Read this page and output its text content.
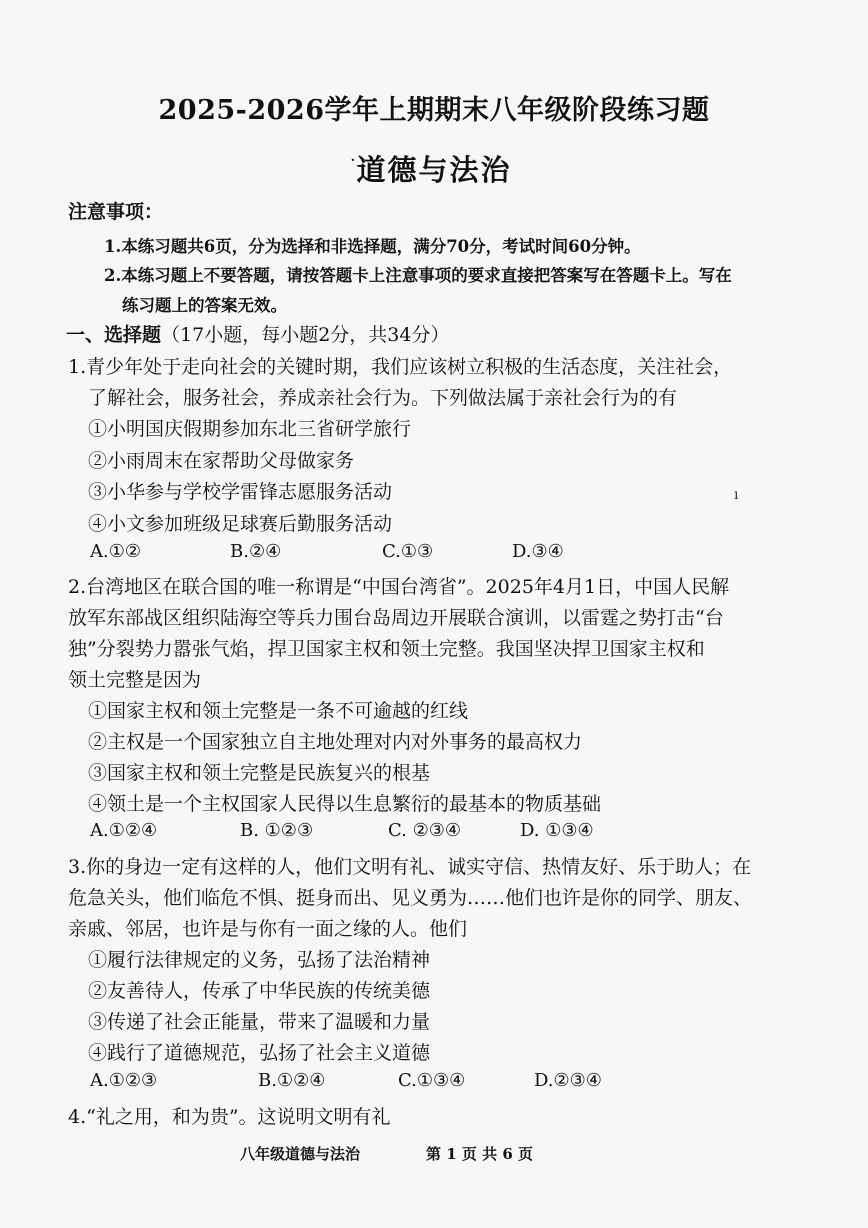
2025-2026学年上期期末八年级阶段练习题
· 道德与法治
注意事项：
1.本练习题共6页，分为选择和非选择题，满分70分，考试时间60分钟。
2.本练习题上不要答题，请按答题卡上注意事项的要求直接把答案写在答题卡上。写在
练习题上的答案无效。
一、选择题（17小题，每小题2分，共34分）
1.青少年处于走向社会的关键时期，我们应该树立积极的生活态度，关注社会，
了解社会，服务社会，养成亲社会行为。下列做法属于亲社会行为的有
①小明国庆假期参加东北三省研学旅行
②小雨周末在家帮助父母做家务
③小华参与学校学雷锋志愿服务活动
④小文参加班级足球赛后勤服务活动
A.①②	B.②④	C.①③	D.③④
ı
2.台湾地区在联合国的唯一称谓是“中国台湾省”。2025年4月1日，中国人民解
放军东部战区组织陆海空等兵力围台岛周边开展联合演训，以雷霆之势打击“台
独”分裂势力嚣张气焰，捍卫国家主权和领土完整。我国坚决捍卫国家主权和
领土完整是因为
①国家主权和领土完整是一条不可逾越的红线
②主权是一个国家独立自主地处理对内对外事务的最高权力
③国家主权和领土完整是民族复兴的根基
④领土是一个主权国家人民得以生息繁衍的最基本的物质基础
A.①②④	B. ①②③	C. ②③④	D. ①③④
3.你的身边一定有这样的人，他们文明有礼、诚实守信、热情友好、乐于助人；在
危急关头，他们临危不惧、挺身而出、见义勇为……他们也许是你的同学、朋友、
亲戚、邻居，也许是与你有一面之缘的人。他们
①履行法律规定的义务，弘扬了法治精神
②友善待人，传承了中华民族的传统美德
③传递了社会正能量，带来了温暖和力量
④践行了道德规范，弘扬了社会主义道德
A.①②③	B.①②④	C.①③④	D.②③④
4.“礼之用，和为贵”。这说明文明有礼
八年级道德与法治	第 1 页 共 6 页
